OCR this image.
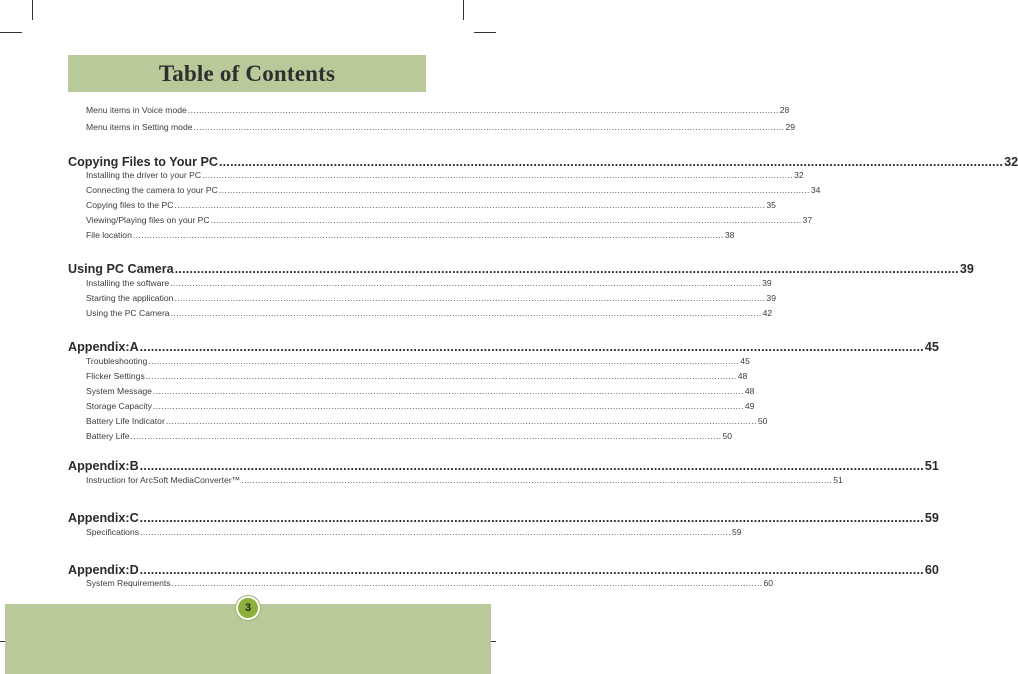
Table of Contents
Menu items in Voice mode .................................................................................................................................................................................................................... 28
Menu items in Setting mode .................................................................................................................................................................................................................... 29
Copying Files to Your PC .................................................................................................................................................................................................................... 32
Installing the driver to your PC .................................................................................................................................................................................................................... 32
Connecting the camera to your PC .................................................................................................................................................................................................................... 34
Copying files to the PC .................................................................................................................................................................................................................... 35
Viewing/Playing files on your PC .................................................................................................................................................................................................................... 37
File location .................................................................................................................................................................................................................... 38
Using PC Camera .................................................................................................................................................................................................................... 39
Installing the software .................................................................................................................................................................................................................... 39
Starting the application .................................................................................................................................................................................................................... 39
Using the PC Camera .................................................................................................................................................................................................................... 42
Appendix:A .................................................................................................................................................................................................................... 45
Troubleshooting .................................................................................................................................................................................................................... 45
Flicker Settings .................................................................................................................................................................................................................... 48
System Message .................................................................................................................................................................................................................... 48
Storage Capacity .................................................................................................................................................................................................................... 49
Battery Life Indicator .................................................................................................................................................................................................................... 50
Battery Life .................................................................................................................................................................................................................... 50
Appendix:B .................................................................................................................................................................................................................... 51
Instruction for ArcSoft MediaConverter™ .................................................................................................................................................................................................................... 51
Appendix:C .................................................................................................................................................................................................................... 59
Specifications .................................................................................................................................................................................................................... 59
Appendix:D .................................................................................................................................................................................................................... 60
System Requirements .................................................................................................................................................................................................................... 60
3
